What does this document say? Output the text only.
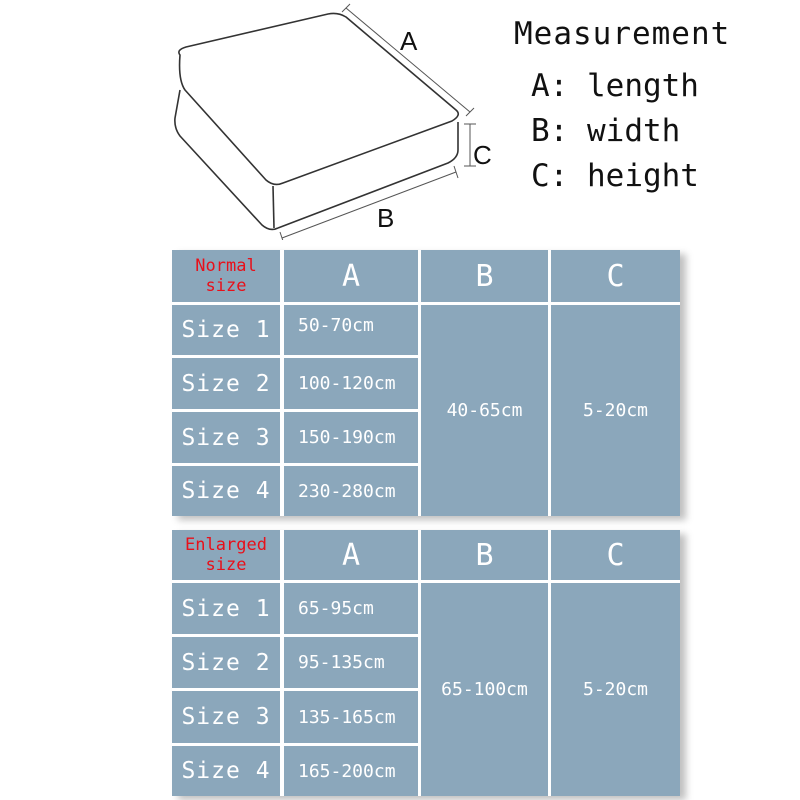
A
C
B
Measurement
A: length
B: width
C: height
Normal
size	A	B	C
Size 1	50-70cm
Size 2	100-120cm
Size 3	150-190cm
Size 4	230-280cm
40-65cm	5-20cm
Enlarged
size	A	B	C
Size 1	65-95cm
Size 2	95-135cm
Size 3	135-165cm
Size 4	165-200cm
65-100cm	5-20cm
